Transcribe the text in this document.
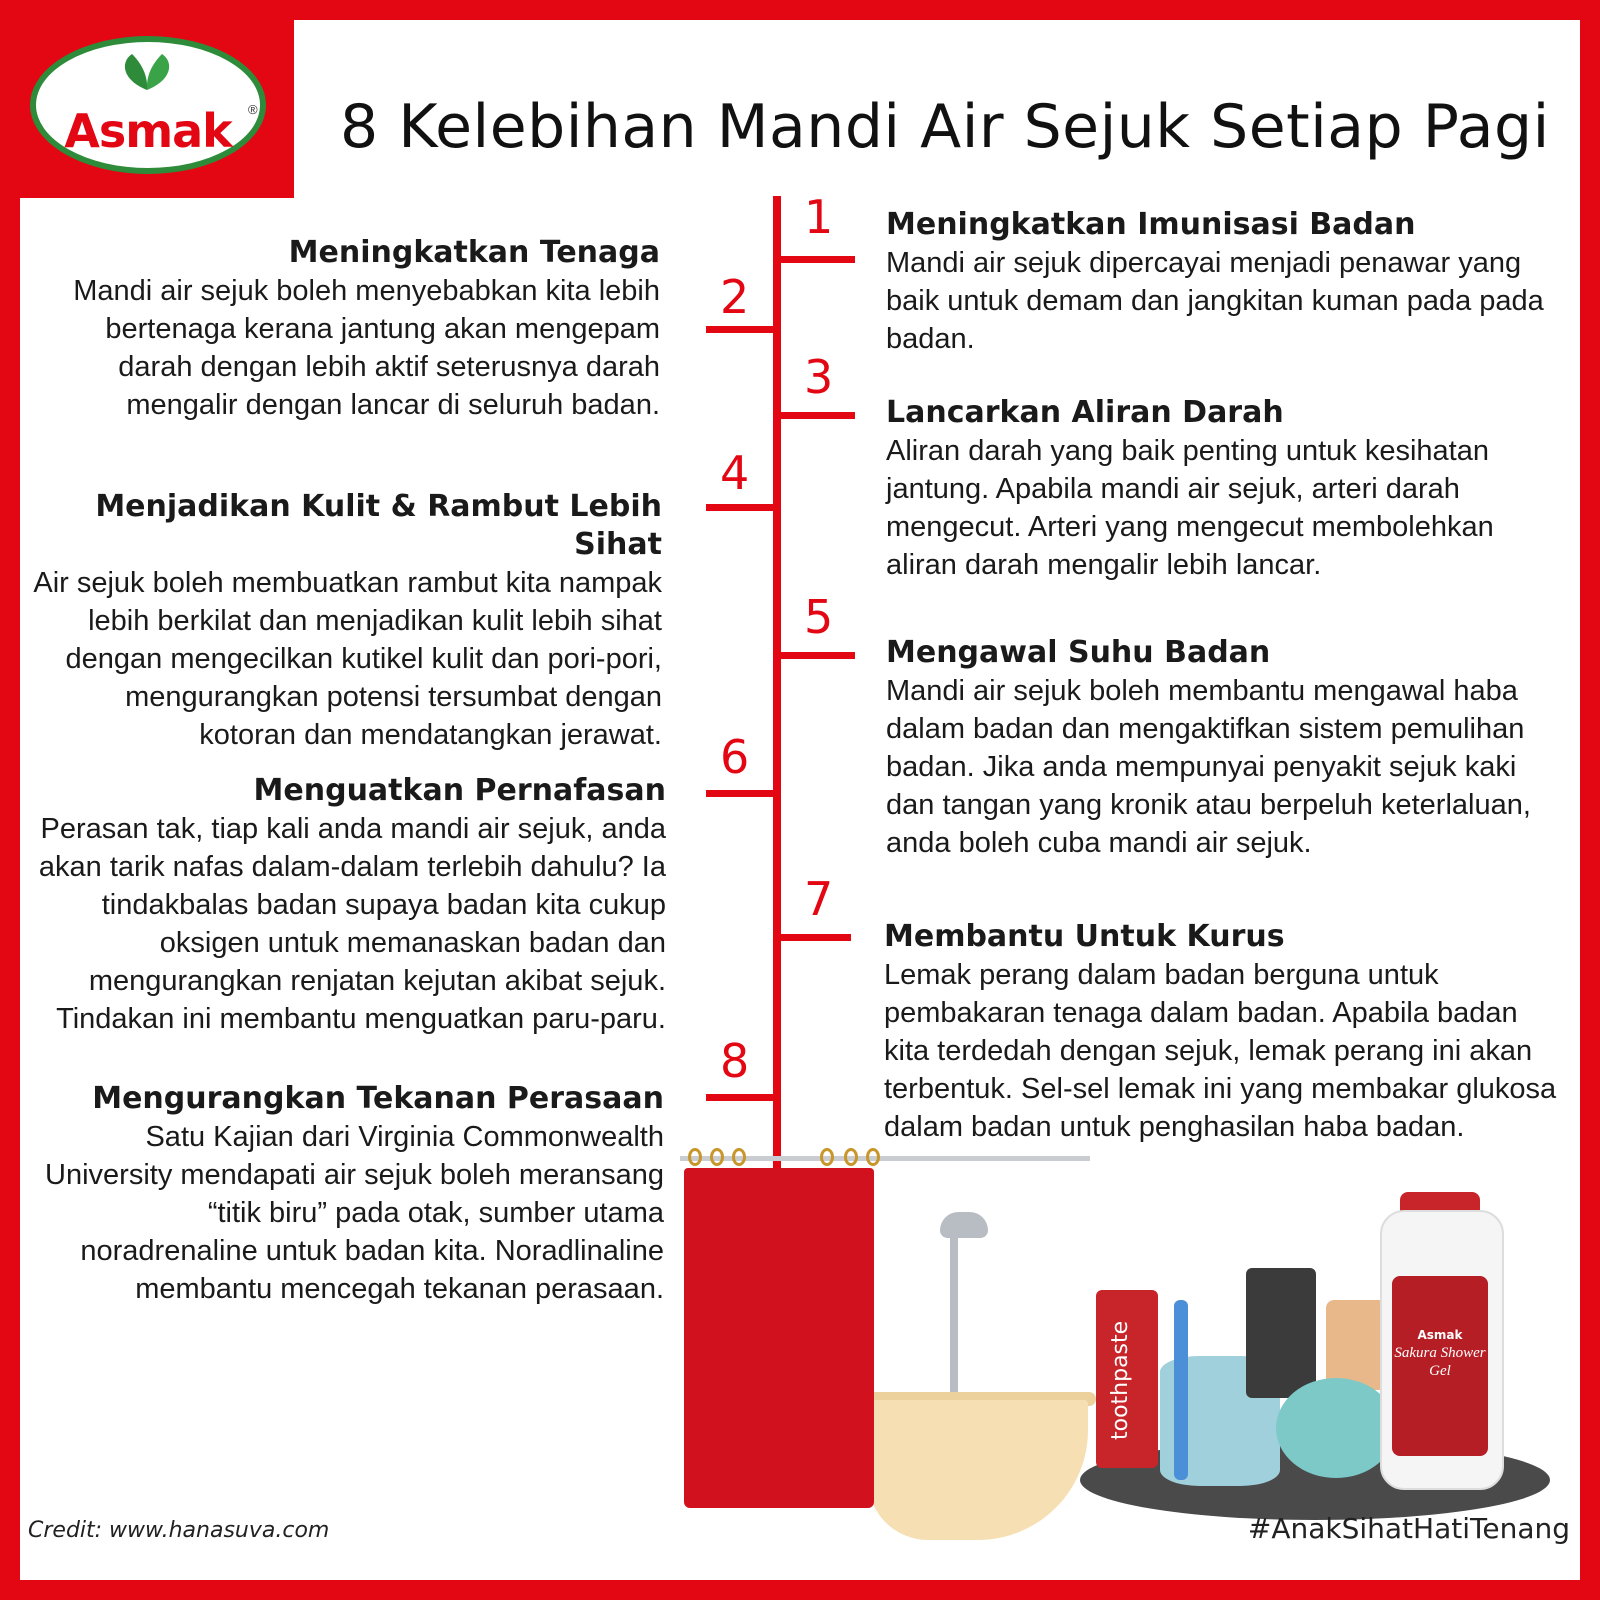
Asmak	® 8 Kelebihan Mandi Air Sejuk Setiap Pagi
1
2
3
4
5
6
7
8
Meningkatkan Imunisasi Badan
Mandi air sejuk dipercayai menjadi penawar yang baik untuk demam dan jangkitan kuman pada pada badan.
Lancarkan Aliran Darah
Aliran darah yang baik penting untuk kesihatan jantung. Apabila mandi air sejuk, arteri darah mengecut. Arteri yang mengecut membolehkan aliran darah mengalir lebih lancar.
Mengawal Suhu Badan
Mandi air sejuk boleh membantu mengawal haba dalam badan dan mengaktifkan sistem pemulihan badan. Jika anda mempunyai penyakit sejuk kaki dan tangan yang kronik atau berpeluh keterlaluan, anda boleh cuba mandi air sejuk.
Membantu Untuk Kurus
Lemak perang dalam badan berguna untuk pembakaran tenaga dalam badan. Apabila badan kita terdedah dengan sejuk, lemak perang ini akan terbentuk. Sel-sel lemak ini yang membakar glukosa dalam badan untuk penghasilan haba badan.
Meningkatkan Tenaga
Mandi air sejuk boleh menyebabkan kita lebih bertenaga kerana jantung akan mengepam darah dengan lebih aktif seterusnya darah mengalir dengan lancar di seluruh badan.
Menjadikan Kulit & Rambut Lebih Sihat
Air sejuk boleh membuatkan rambut kita nampak lebih berkilat dan menjadikan kulit lebih sihat dengan mengecilkan kutikel kulit dan pori-pori, mengurangkan potensi tersumbat dengan kotoran dan mendatangkan jerawat.
Menguatkan Pernafasan
Perasan tak, tiap kali anda mandi air sejuk, anda akan tarik nafas dalam-dalam terlebih dahulu? Ia tindakbalas badan supaya badan kita cukup oksigen untuk memanaskan badan dan mengurangkan renjatan kejutan akibat sejuk. Tindakan ini membantu menguatkan paru-paru.
Mengurangkan Tekanan Perasaan
Satu Kajian dari Virginia Commonwealth University mendapati air sejuk boleh meransang “titik biru” pada otak, sumber utama noradrenaline untuk badan kita. Noradlinaline membantu mencegah tekanan perasaan.
toothpaste	Asmak
Sakura Shower Gel
Credit: www.hanasuva.com	#AnakSihatHatiTenang
